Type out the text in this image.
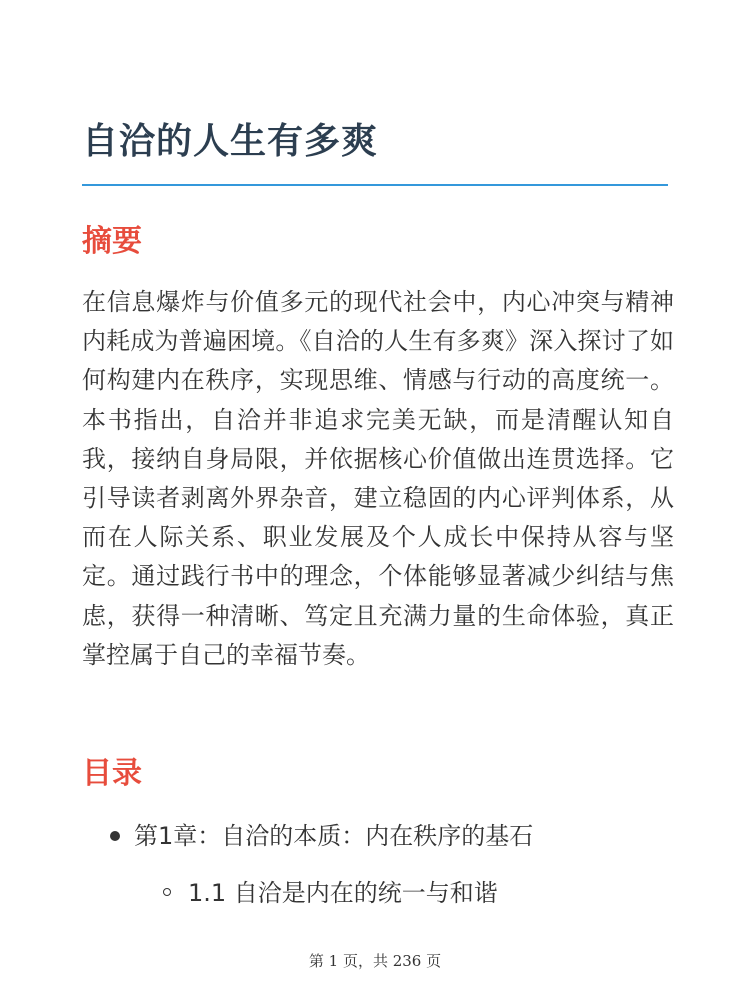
自洽的人生有多爽
摘要

在信息爆炸与价值多元的现代社会中，内心冲突与精神内耗成为普遍困境。《自洽的人生有多爽》深入探讨了如何构建内在秩序，实现思维、情感与行动的高度统一。本书指出，自洽并非追求完美无缺，而是清醒认知自我，接纳自身局限，并依据核心价值做出连贯选择。它引导读者剥离外界杂音，建立稳固的内心评判体系，从而在人际关系、职业发展及个人成长中保持从容与坚定。通过践行书中的理念，个体能够显著减少纠结与焦虑，获得一种清晰、笃定且充满力量的生命体验，真正掌控属于自己的幸福节奏。

目录
第1章：自洽的本质：内在秩序的基石
1.1 自洽是内在的统一与和谐
第 1 页，共 236 页
